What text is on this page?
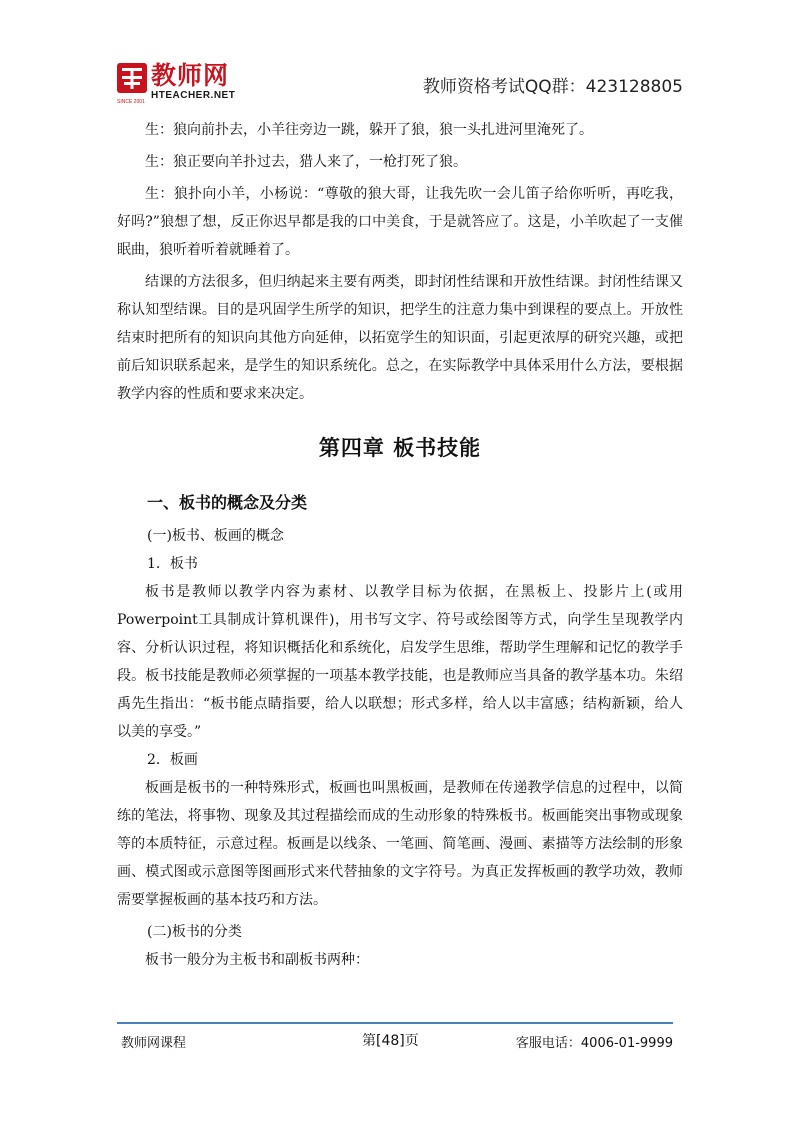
SINCE 2001
教师网
HTEACHER.NET	教师资格考试QQ群：423128805

生：狼向前扑去，小羊往旁边一跳，躲开了狼，狼一头扎进河里淹死了。

生：狼正要向羊扑过去，猎人来了，一枪打死了狼。

生：狼扑向小羊，小杨说：“尊敬的狼大哥，让我先吹一会儿笛子给你听听，再吃我，好吗?”狼想了想，反正你迟早都是我的口中美食，于是就答应了。这是，小羊吹起了一支催眠曲，狼听着听着就睡着了。

结课的方法很多，但归纳起来主要有两类，即封闭性结课和开放性结课。封闭性结课又称认知型结课。目的是巩固学生所学的知识，把学生的注意力集中到课程的要点上。开放性结束时把所有的知识向其他方向延伸，以拓宽学生的知识面，引起更浓厚的研究兴趣，或把前后知识联系起来，是学生的知识系统化。总之，在实际教学中具体采用什么方法，要根据教学内容的性质和要求来决定。

第四章 板书技能
一、板书的概念及分类

(一)板书、板画的概念

1．板书

板书是教师以教学内容为素材、以教学目标为依据，在黑板上、投影片上(或用Powerpoint工具制成计算机课件)，用书写文字、符号或绘图等方式，向学生呈现教学内容、分析认识过程，将知识概括化和系统化，启发学生思维，帮助学生理解和记忆的教学手段。板书技能是教师必须掌握的一项基本教学技能，也是教师应当具备的教学基本功。朱绍禹先生指出：“板书能点睛指要，给人以联想；形式多样，给人以丰富感；结构新颖，给人以美的享受。”

2．板画

板画是板书的一种特殊形式，板画也叫黑板画，是教师在传递教学信息的过程中，以简练的笔法，将事物、现象及其过程描绘而成的生动形象的特殊板书。板画能突出事物或现象等的本质特征，示意过程。板画是以线条、一笔画、简笔画、漫画、素描等方法绘制的形象画、模式图或示意图等图画形式来代替抽象的文字符号。为真正发挥板画的教学功效，教师需要掌握板画的基本技巧和方法。

(二)板书的分类

板书一般分为主板书和副板书两种：

教师网课程	第[48]页	客服电话：4006-01-9999
